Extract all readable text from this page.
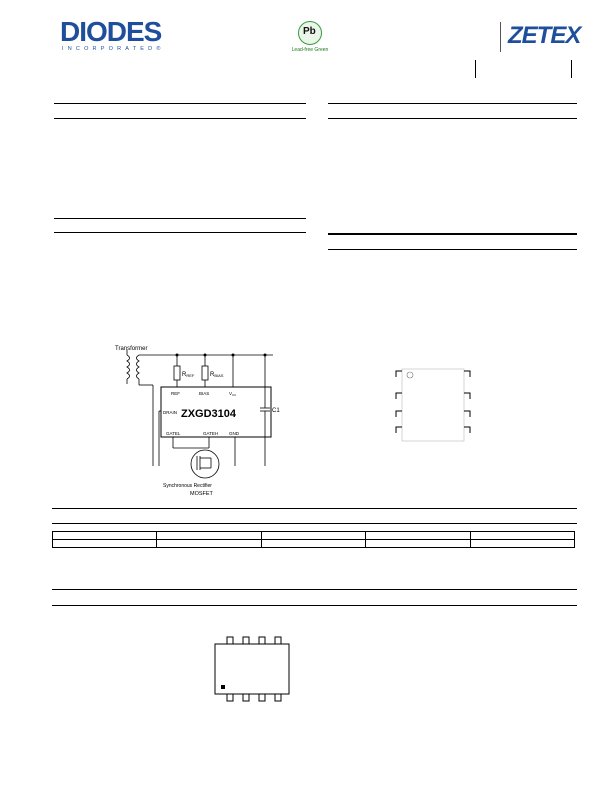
DIODES
INCORPORATED®
Pb
Lead-free Green
ZETEX
Transformer
RREF	RBIAS
ZXGD3104
REF	BIAS	$V_{CC}$
DRAIN
GATEL	GATEH GND
C1
Synchronous Rectifier
MOSFET
